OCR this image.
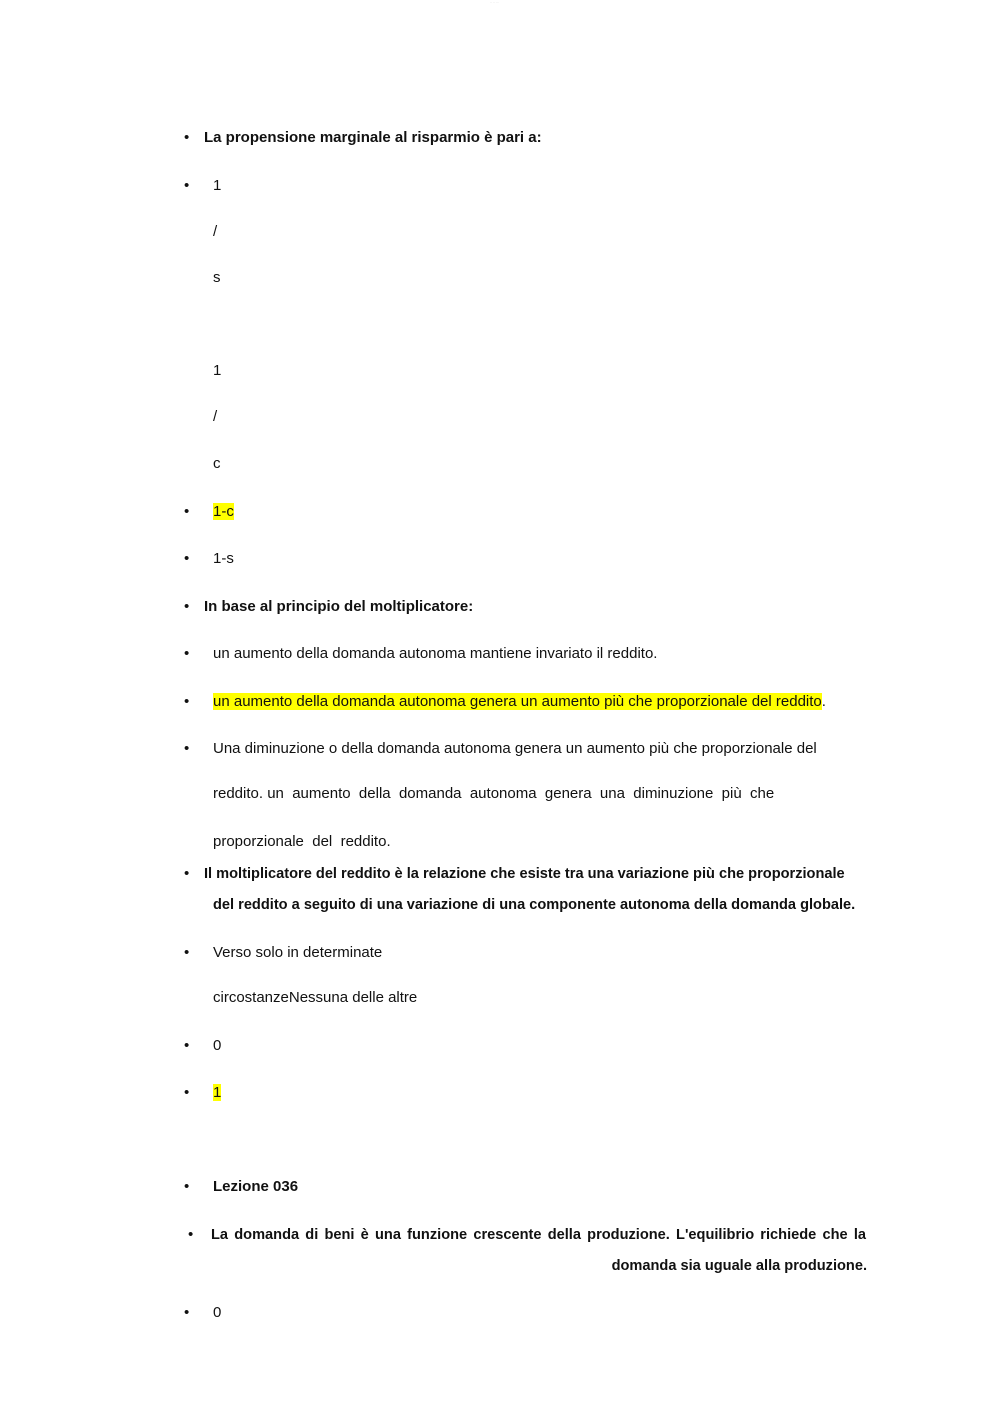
·· ·· ···
• La propensione marginale al risparmio è pari a:
• 1
/
s
1
/
c
• 1-c
• 1-s
• In base al principio del moltiplicatore:
• un aumento della domanda autonoma mantiene invariato il reddito.
• un aumento della domanda autonoma genera un aumento più che proporzionale del reddito.
• Una diminuzione o della domanda autonoma genera un aumento più che proporzionale del
reddito. un  aumento  della  domanda  autonoma  genera  una  diminuzione  più  che
proporzionale  del  reddito.
• Il moltiplicatore del reddito è la relazione che esiste tra una variazione più che proporzionale
del reddito a seguito di una variazione di una componente autonoma della domanda globale.
• Verso solo in determinate
circostanzeNessuna delle altre
• 0
• 1
• Lezione 036
• La domanda di beni è una funzione crescente della produzione. L'equilibrio richiede che la
domanda sia uguale alla produzione.
• 0
